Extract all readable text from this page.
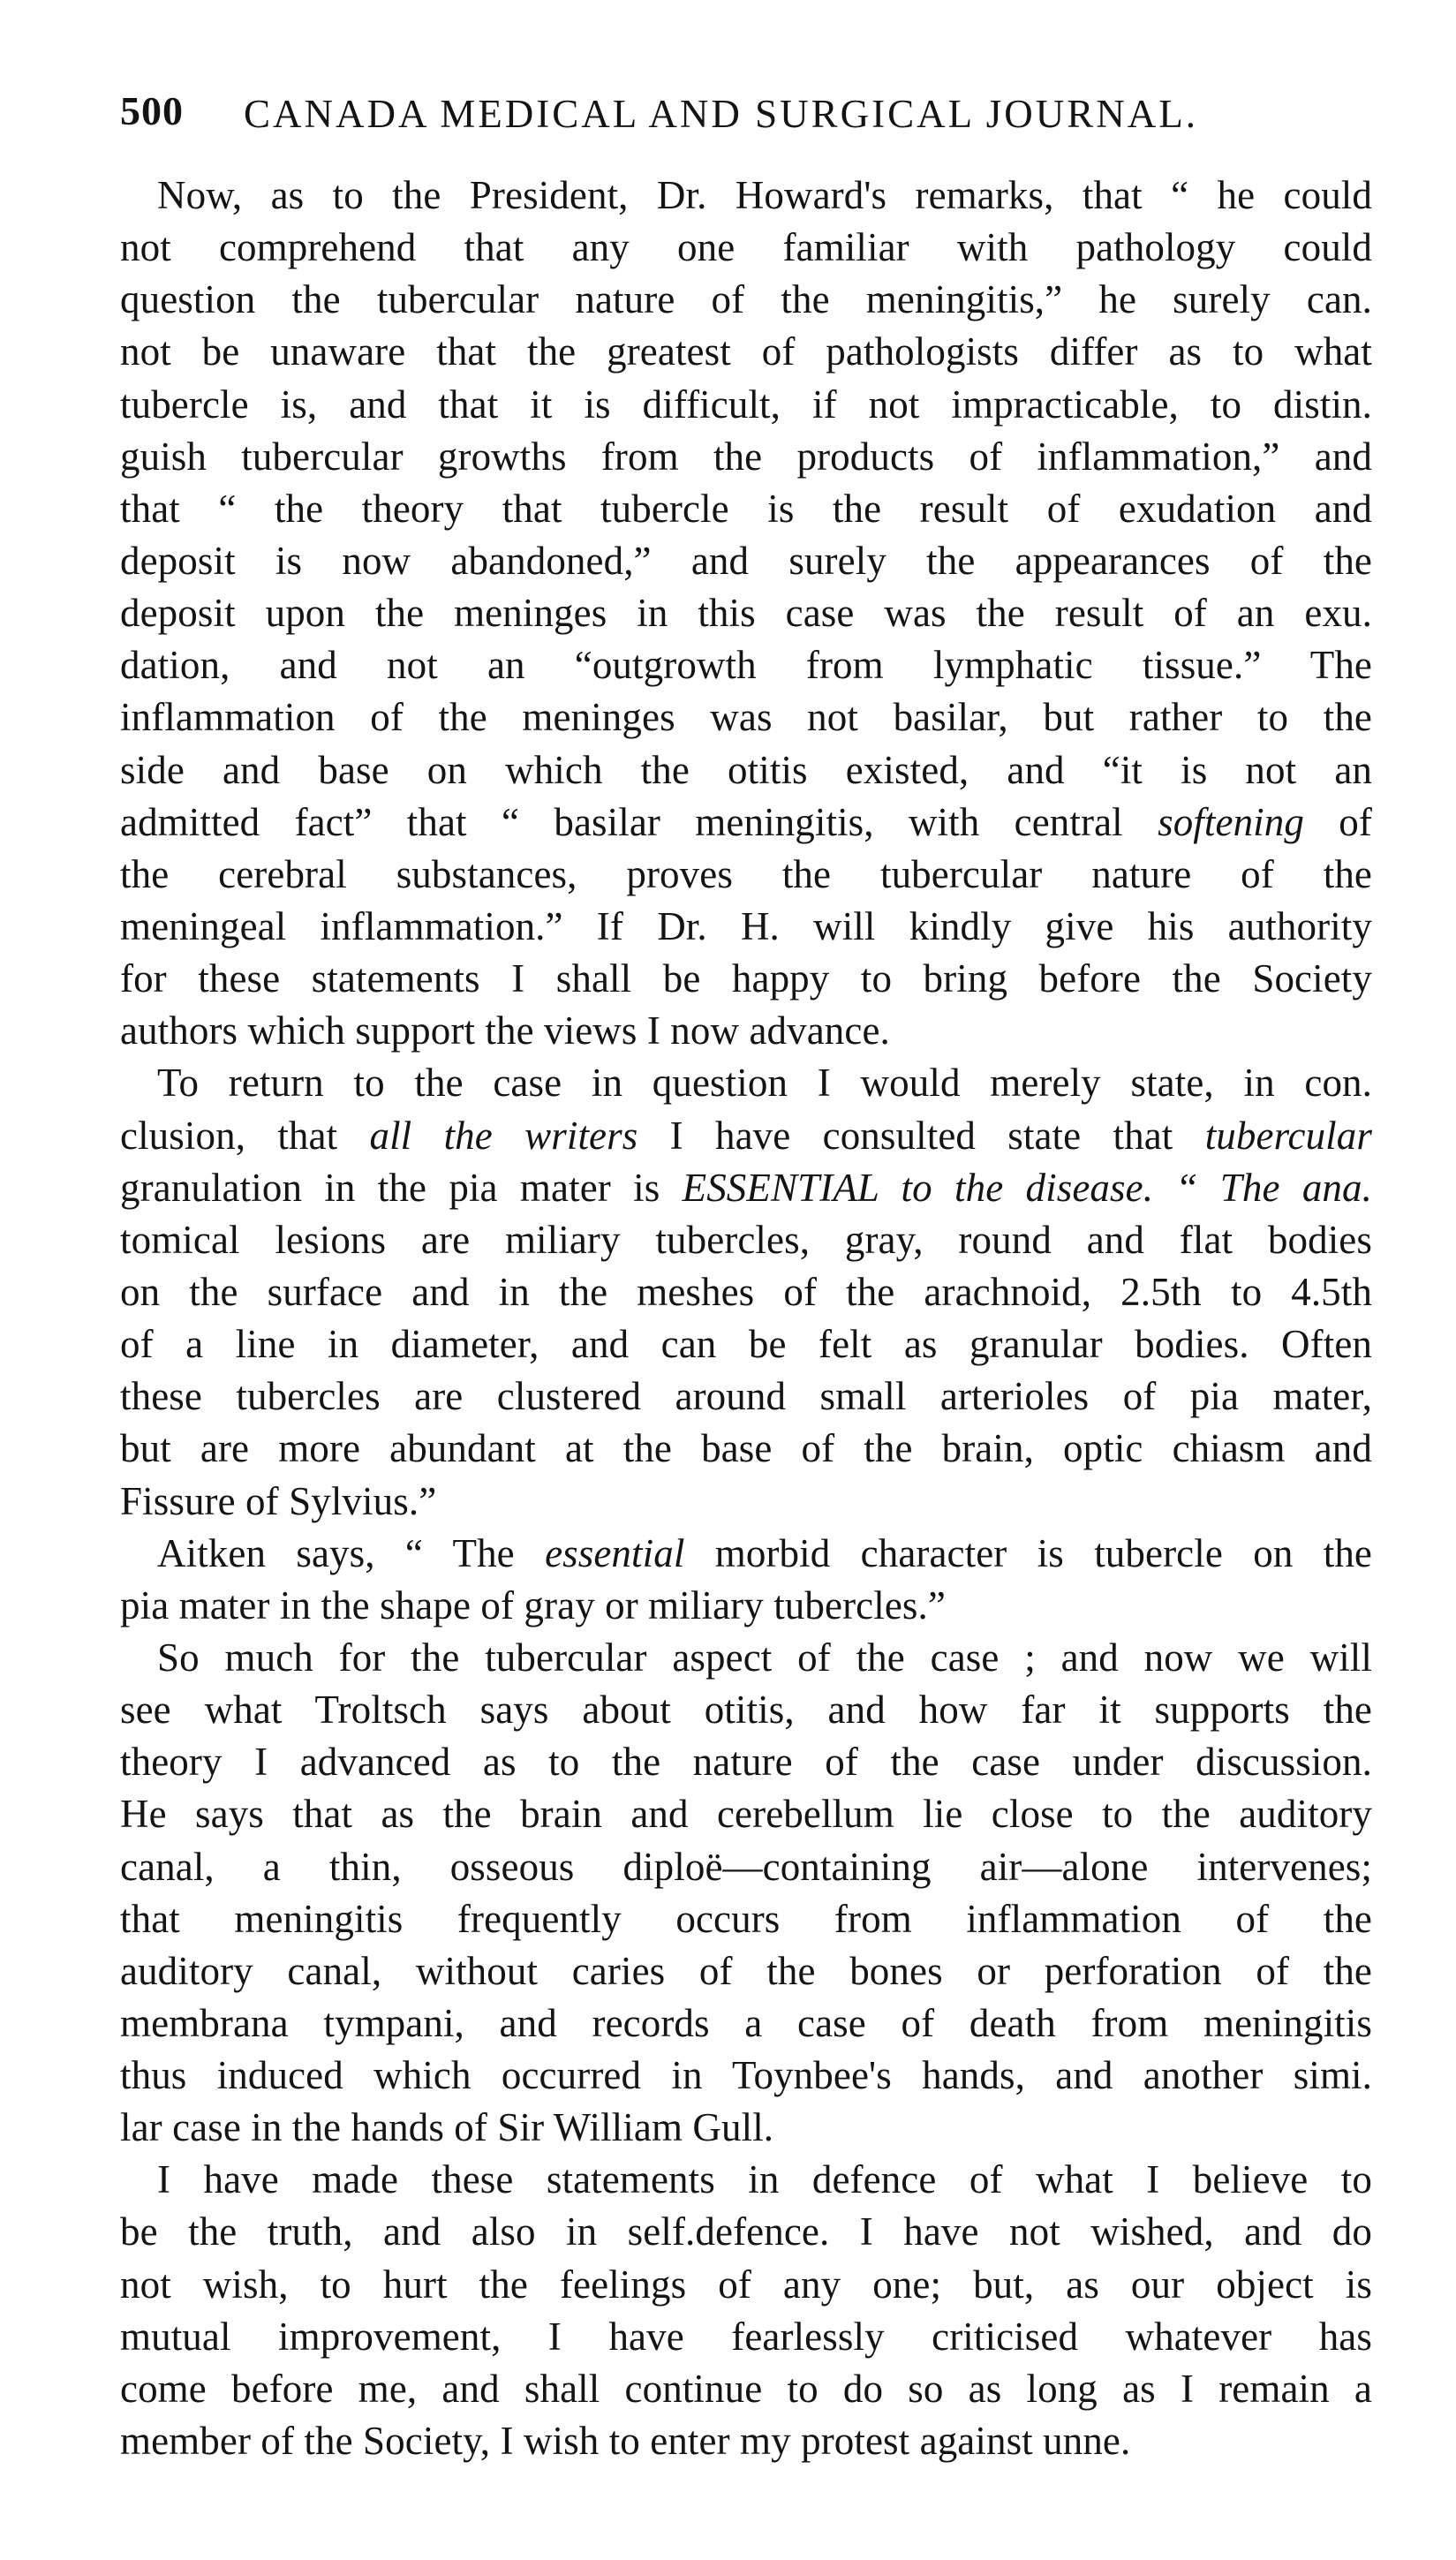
500 CANADA MEDICAL AND SURGICAL JOURNAL.

Now, as to the President, Dr. Howard's remarks, that “ he could
not comprehend that any one familiar with pathology could
question the tubercular nature of the meningitis,” he surely can.
not be unaware that the greatest of pathologists differ as to what
tubercle is, and that it is difficult, if not impracticable, to distin.
guish tubercular growths from the products of inflammation,” and
that “ the theory that tubercle is the result of exudation and
deposit is now abandoned,” and surely the appearances of the
deposit upon the meninges in this case was the result of an exu.
dation, and not an “outgrowth from lymphatic tissue.” The
inflammation of the meninges was not basilar, but rather to the
side and base on which the otitis existed, and “it is not an
admitted fact” that “ basilar meningitis, with central softening of
the cerebral substances, proves the tubercular nature of the
meningeal inflammation.” If Dr. H. will kindly give his authority
for these statements I shall be happy to bring before the Society
authors which support the views I now advance.

To return to the case in question I would merely state, in con.
clusion, that all the writers I have consulted state that tubercular
granulation in the pia mater is ESSENTIAL to the disease. “ The ana.
tomical lesions are miliary tubercles, gray, round and flat bodies
on the surface and in the meshes of the arachnoid, 2.5th to 4.5th
of a line in diameter, and can be felt as granular bodies. Often
these tubercles are clustered around small arterioles of pia mater,
but are more abundant at the base of the brain, optic chiasm and
Fissure of Sylvius.”

Aitken says, “ The essential morbid character is tubercle on the
pia mater in the shape of gray or miliary tubercles.”

So much for the tubercular aspect of the case ; and now we will
see what Troltsch says about otitis, and how far it supports the
theory I advanced as to the nature of the case under discussion.
He says that as the brain and cerebellum lie close to the auditory
canal, a thin, osseous diploë—containing air—alone intervenes;
that meningitis frequently occurs from inflammation of the
auditory canal, without caries of the bones or perforation of the
membrana tympani, and records a case of death from meningitis
thus induced which occurred in Toynbee's hands, and another simi.
lar case in the hands of Sir William Gull.

I have made these statements in defence of what I believe to
be the truth, and also in self.defence. I have not wished, and do
not wish, to hurt the feelings of any one; but, as our object is
mutual improvement, I have fearlessly criticised whatever has
come before me, and shall continue to do so as long as I remain a
member of the Society, I wish to enter my protest against unne.
